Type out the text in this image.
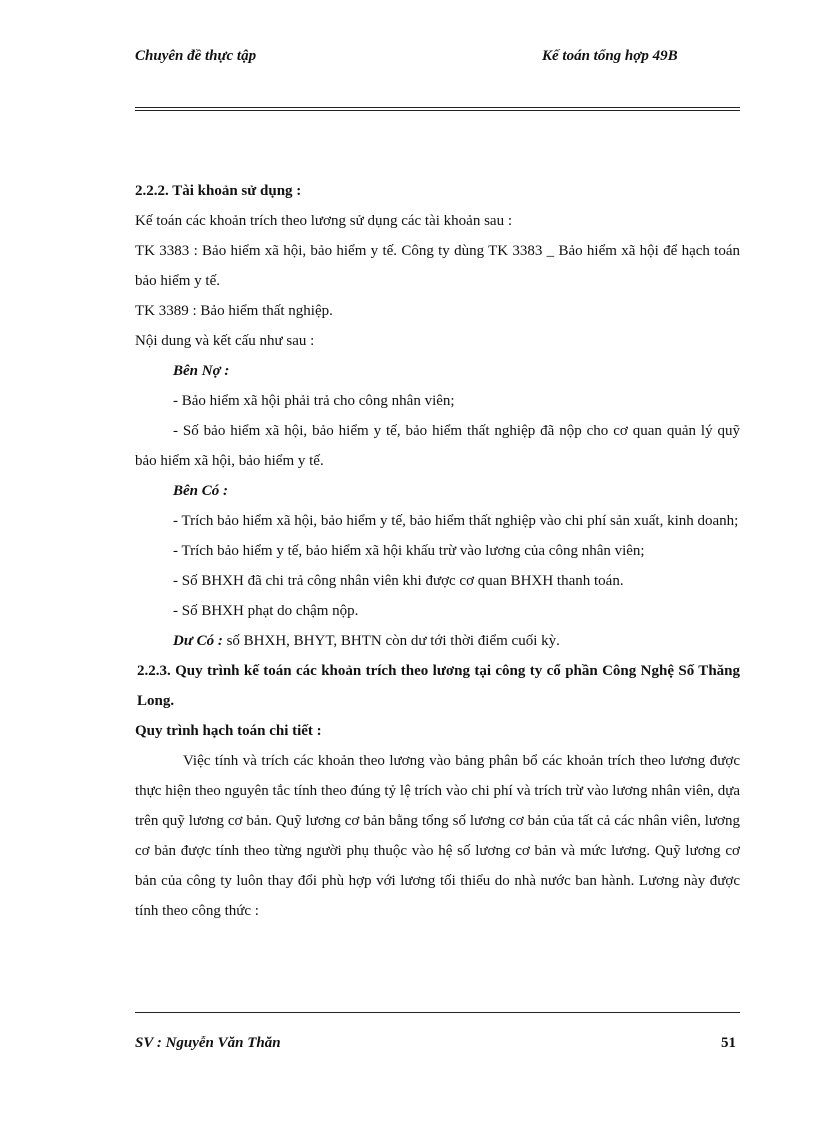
Chuyên đề thực tập	Kế toán tổng hợp 49B

2.2.2. Tài khoản sử dụng :

Kế toán các khoản trích theo lương sử dụng các tài khoản sau :

TK 3383 : Bảo hiểm xã hội, bảo hiểm y tế. Công ty dùng TK 3383 _ Bảo hiểm xã hội để hạch toán bảo hiểm y tế.

TK 3389 : Bảo hiểm thất nghiệp.

Nội dung và kết cấu như sau :

Bên Nợ :

- Bảo hiểm xã hội phải trả cho công nhân viên;

- Số bảo hiểm xã hội, bảo hiểm y tế, bảo hiểm thất nghiệp đã nộp cho cơ quan quản lý quỹ bảo hiểm xã hội, bảo hiểm y tế.

Bên Có :

- Trích bảo hiểm xã hội, bảo hiểm y tế, bảo hiểm thất nghiệp vào chi phí sản xuất, kinh doanh;

- Trích bảo hiểm y tế, bảo hiểm xã hội khấu trừ vào lương của công nhân viên;

- Số BHXH đã chi trả công nhân viên khi được cơ quan BHXH thanh toán.

- Số BHXH phạt do chậm nộp.

Dư Có : số BHXH, BHYT, BHTN còn dư tới thời điểm cuối kỳ.

2.2.3. Quy trình kế toán các khoản trích theo lương tại công ty cổ phần Công Nghệ Số Thăng Long.

Quy trình hạch toán chi tiết :

Việc tính và trích các khoản theo lương vào bảng phân bổ các khoản trích theo lương được thực hiện theo nguyên tắc tính theo đúng tỷ lệ trích vào chi phí và trích trừ vào lương nhân viên, dựa trên quỹ lương cơ bản. Quỹ lương cơ bản bằng tổng số lương cơ bản của tất cả các nhân viên, lương cơ bản được tính theo từng người phụ thuộc vào hệ số lương cơ bản và mức lương. Quỹ lương cơ bản của công ty luôn thay đổi phù hợp với lương tối thiểu do nhà nước ban hành. Lương này được tính theo công thức :

SV : Nguyễn Văn Thăn	51
